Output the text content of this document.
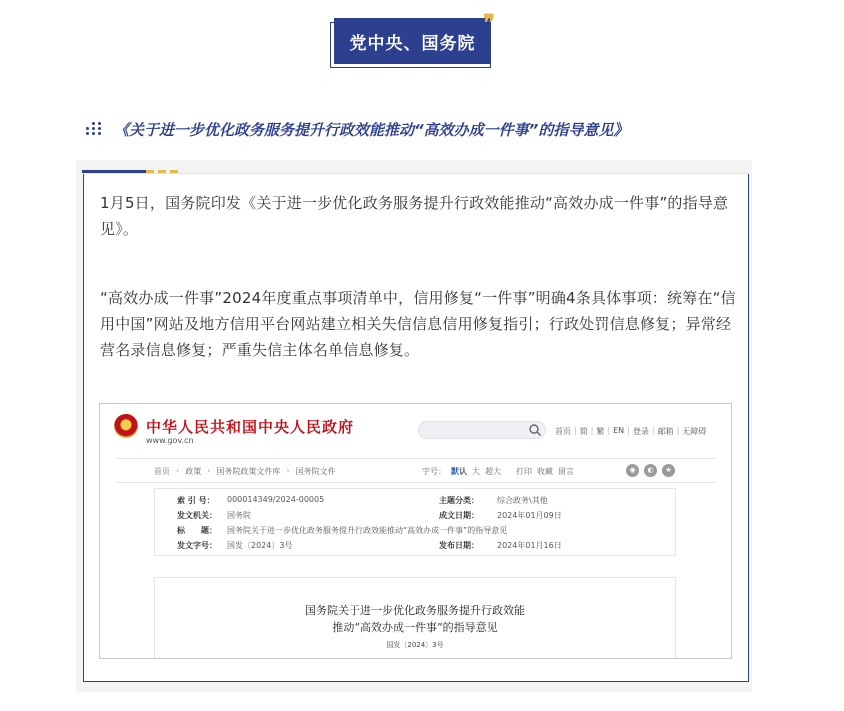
党中央、国务院
❞
《关于进一步优化政务服务提升行政效能推动“高效办成一件事”的指导意见》

1月5日，国务院印发《关于进一步优化政务服务提升行政效能推动“高效办成一件事”的指导意见》。

“高效办成一件事”2024年度重点事项清单中，信用修复“一件事”明确4条具体事项：统筹在“信用中国”网站及地方信用平台网站建立相关失信信息信用修复指引；行政处罚信息修复；异常经营名录信息修复；严重失信主体名单信息修复。

中华人民共和国中央人民政府
www.gov.cn
首页 | 简 | 繁 | EN | 登录 | 邮箱 | 无障碍
首页 › 政策 › 国务院政策文件库 › 国务院文件	字号： 默认 大 超大 打印 收藏 留言	◉	◐	★
索 引 号：	000014349/2024-00005	主题分类：	综合政务\其他
发文机关：	国务院	成文日期：	2024年01月09日
标　　题：	国务院关于进一步优化政务服务提升行政效能推动“高效办成一件事”的指导意见
发文字号：	国发〔2024〕3号	发布日期：	2024年01月16日
国务院关于进一步优化政务服务提升行政效能
推动“高效办成一件事”的指导意见
国发〔2024〕3号
